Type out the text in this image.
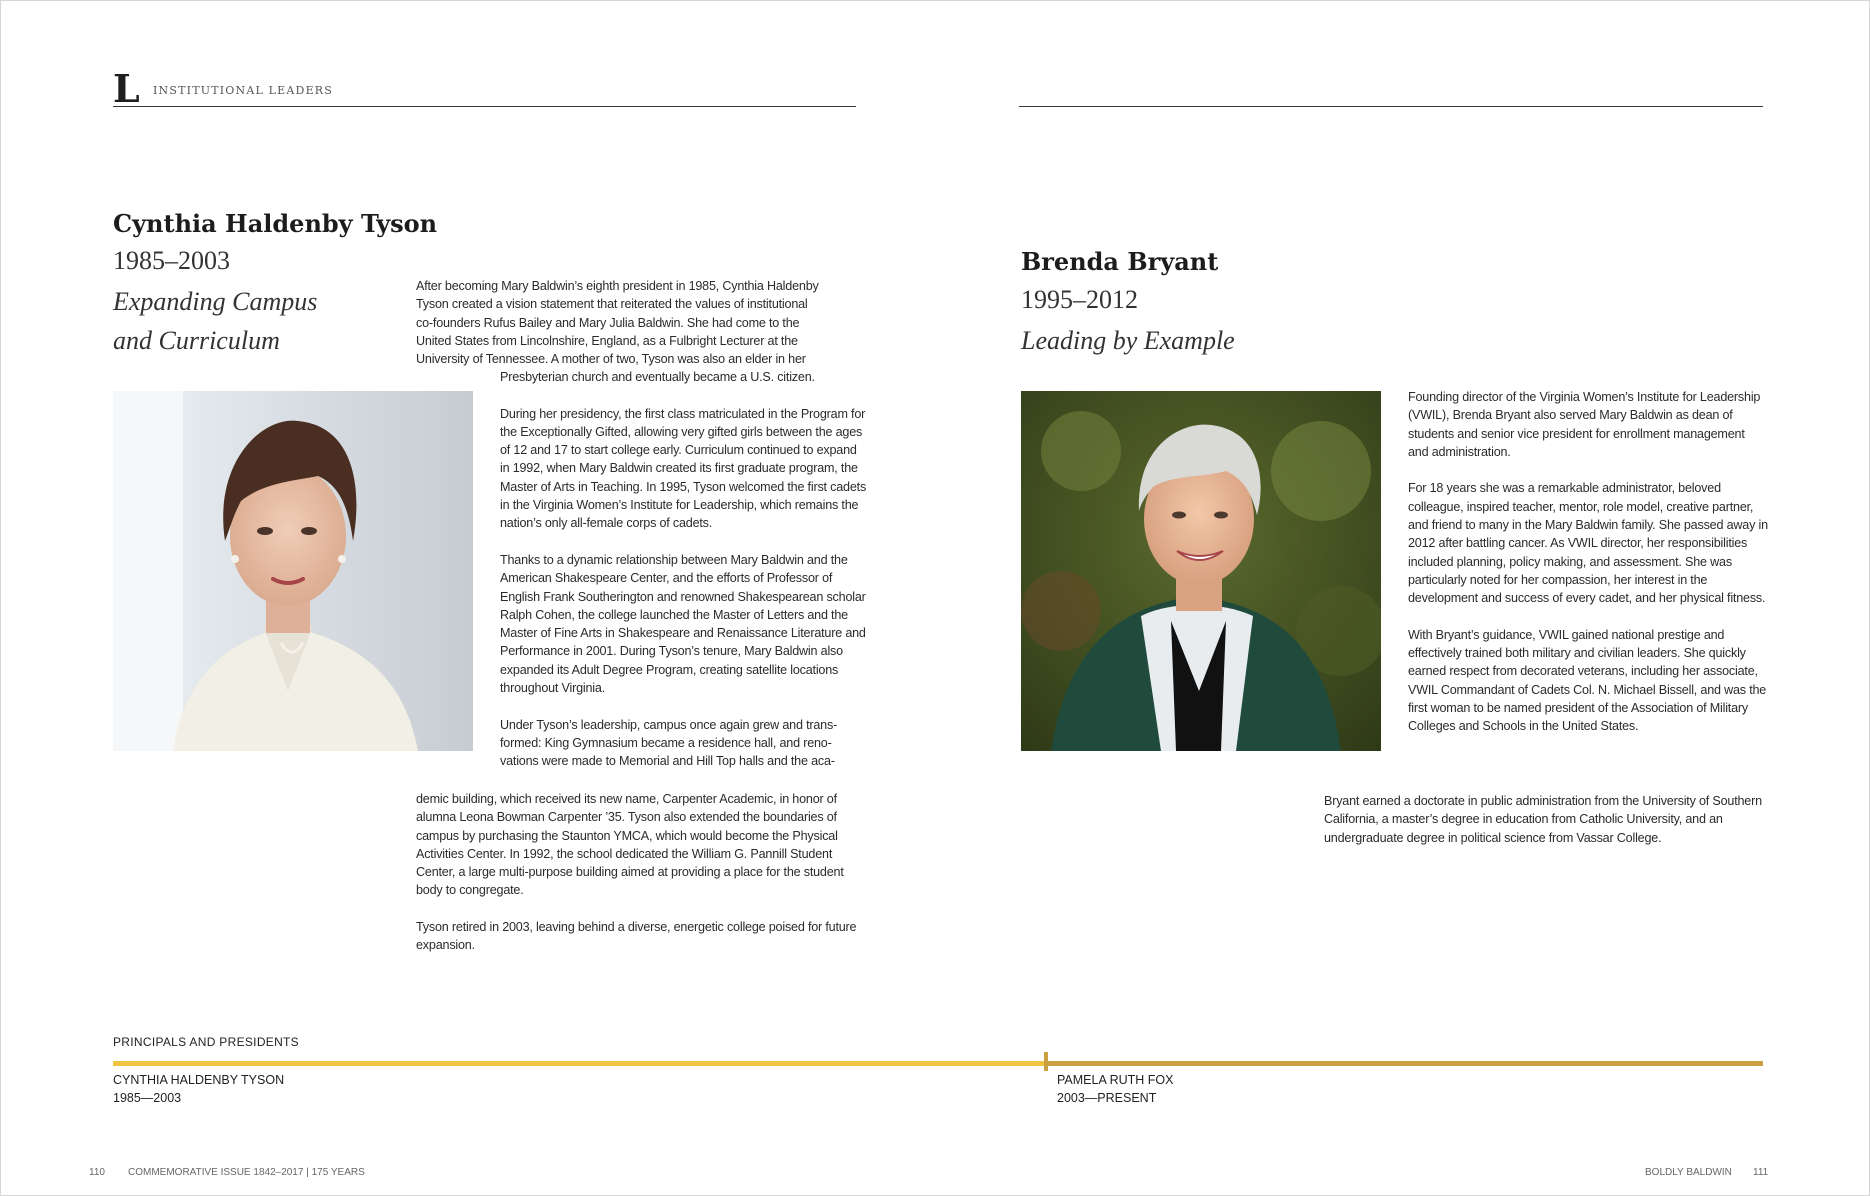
L INSTITUTIONAL LEADERS
Cynthia Haldenby Tyson
1985–2003
Expanding Campus
and Curriculum
After becoming Mary Baldwin’s eighth president in 1985, Cynthia Haldenby
Tyson created a vision statement that reiterated the values of institutional
co-founders Rufus Bailey and Mary Julia Baldwin. She had come to the
United States from Lincolnshire, England, as a Fulbright Lecturer at the
University of Tennessee. A mother of two, Tyson was also an elder in her

Presbyterian church and eventually became a U.S. citizen.

During her presidency, the first class matriculated in the Program for the Exceptionally Gifted, allowing very gifted girls between the ages of 12 and 17 to start college early. Curriculum continued to expand in 1992, when Mary Baldwin created its first graduate program, the Master of Arts in Teaching. In 1995, Tyson welcomed the first cadets in the Virginia Women’s Institute for Leadership, which remains the nation’s only all-female corps of cadets.

Thanks to a dynamic relationship between Mary Baldwin and the American Shakespeare Center, and the efforts of Professor of English Frank Southerington and renowned Shakespearean scholar Ralph Cohen, the college launched the Master of Letters and the Master of Fine Arts in Shakespeare and Renaissance Literature and Performance in 2001. During Tyson’s tenure, Mary Baldwin also expanded its Adult Degree Program, creating satellite locations throughout Virginia.

Under Tyson’s leadership, campus once again grew and trans-
formed: King Gymnasium became a residence hall, and reno-
vations were made to Memorial and Hill Top halls and the aca-

demic building, which received its new name, Carpenter Academic, in honor of alumna Leona Bowman Carpenter ’35. Tyson also extended the boundaries of campus by purchasing the Staunton YMCA, which would become the Physical Activities Center. In 1992, the school dedicated the William G. Pannill Student Center, a large multi-purpose building aimed at providing a place for the student body to congregate.

Tyson retired in 2003, leaving behind a diverse, energetic college poised for future expansion.

Brenda Bryant
1995–2012
Leading by Example

Founding director of the Virginia Women’s Institute for Leadership (VWIL), Brenda Bryant also served Mary Baldwin as dean of students and senior vice president for enrollment management and administration.

For 18 years she was a remarkable administrator, beloved colleague, inspired teacher, mentor, role model, creative partner, and friend to many in the Mary Baldwin family. She passed away in 2012 after battling cancer. As VWIL director, her responsibilities included planning, policy making, and assessment. She was particularly noted for her compassion, her interest in the development and success of every cadet, and her physical fitness.

With Bryant’s guidance, VWIL gained national prestige and effectively trained both military and civilian leaders. She quickly earned respect from decorated veterans, including her associate, VWIL Commandant of Cadets Col. N. Michael Bissell, and was the first woman to be named president of the Association of Military Colleges and Schools in the United States.

Bryant earned a doctorate in public administration from the University of Southern California, a master’s degree in education from Catholic University, and an undergraduate degree in political science from Vassar College.

PRINCIPALS AND PRESIDENTS
CYNTHIA HALDENBY TYSON
1985—2003
PAMELA RUTH FOX
2003—PRESENT
110 COMMEMORATIVE ISSUE 1842–2017 | 175 YEARS	BOLDLY BALDWIN 111
